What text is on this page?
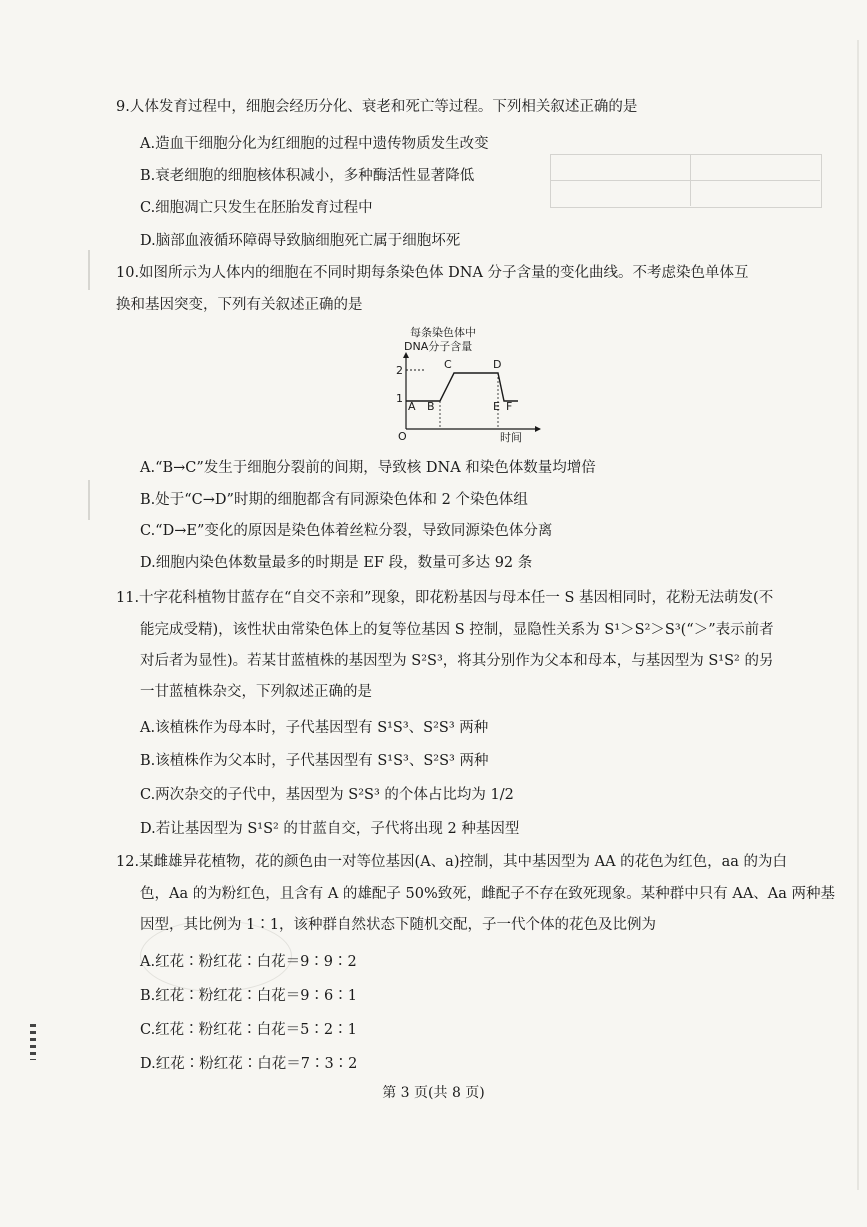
9.人体发育过程中，细胞会经历分化、衰老和死亡等过程。下列相关叙述正确的是
A.造血干细胞分化为红细胞的过程中遗传物质发生改变
B.衰老细胞的细胞核体积减小，多种酶活性显著降低
C.细胞凋亡只发生在胚胎发育过程中
D.脑部血液循环障碍导致脑细胞死亡属于细胞坏死
10.如图所示为人体内的细胞在不同时期每条染色体 DNA 分子含量的变化曲线。不考虑染色单体互
换和基因突变，下列有关叙述正确的是
每条染色体中
DNA分子含量
O
2
1
时间
A B
C	D
E F
A.“B→C”发生于细胞分裂前的间期，导致核 DNA 和染色体数量均增倍
B.处于“C→D”时期的细胞都含有同源染色体和 2 个染色体组
C.“D→E”变化的原因是染色体着丝粒分裂，导致同源染色体分离
D.细胞内染色体数量最多的时期是 EF 段，数量可多达 92 条
11.十字花科植物甘蓝存在“自交不亲和”现象，即花粉基因与母本任一 S 基因相同时，花粉无法萌发(不
能完成受精)，该性状由常染色体上的复等位基因 S 控制，显隐性关系为 S¹＞S²＞S³(“＞”表示前者
对后者为显性)。若某甘蓝植株的基因型为 S²S³，将其分别作为父本和母本，与基因型为 S¹S² 的另
一甘蓝植株杂交，下列叙述正确的是
A.该植株作为母本时，子代基因型有 S¹S³、S²S³ 两种
B.该植株作为父本时，子代基因型有 S¹S³、S²S³ 两种
C.两次杂交的子代中，基因型为 S²S³ 的个体占比均为 1/2
D.若让基因型为 S¹S² 的甘蓝自交，子代将出现 2 种基因型
12.某雌雄异花植物，花的颜色由一对等位基因(A、a)控制，其中基因型为 AA 的花色为红色，aa 的为白
色，Aa 的为粉红色，且含有 A 的雄配子 50%致死，雌配子不存在致死现象。某种群中只有 AA、Aa 两种基
因型，其比例为 1∶1，该种群自然状态下随机交配，子一代个体的花色及比例为
A.红花∶粉红花∶白花＝9∶9∶2
B.红花∶粉红花∶白花＝9∶6∶1
C.红花∶粉红花∶白花＝5∶2∶1
D.红花∶粉红花∶白花＝7∶3∶2
第 3 页(共 8 页)
